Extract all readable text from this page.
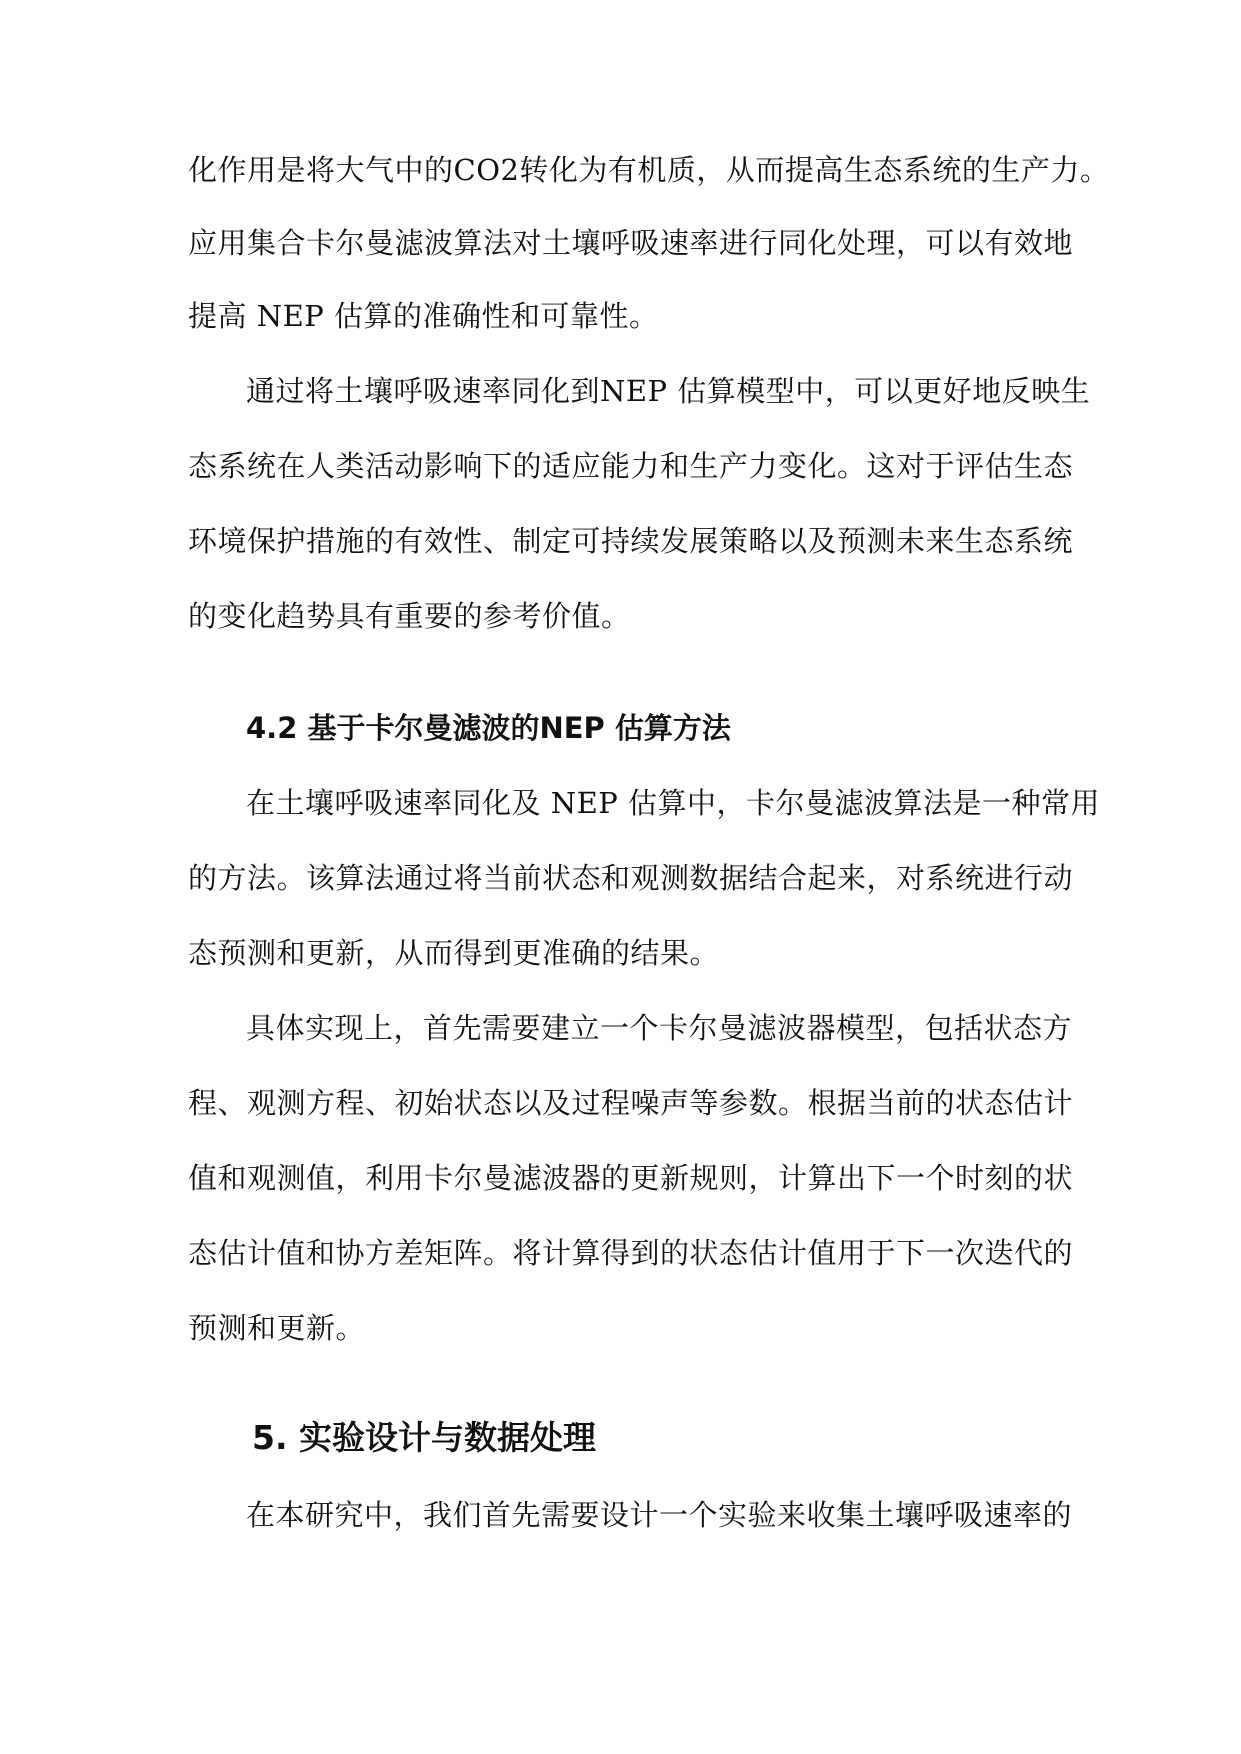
化作用是将大气中的CO2转化为有机质，从而提高生态系统的生产力。
应用集合卡尔曼滤波算法对土壤呼吸速率进行同化处理，可以有效地
提高 NEP 估算的准确性和可靠性。
通过将土壤呼吸速率同化到NEP 估算模型中，可以更好地反映生
态系统在人类活动影响下的适应能力和生产力变化。这对于评估生态
环境保护措施的有效性、制定可持续发展策略以及预测未来生态系统
的变化趋势具有重要的参考价值。
4.2 基于卡尔曼滤波的NEP 估算方法
在土壤呼吸速率同化及 NEP 估算中，卡尔曼滤波算法是一种常用
的方法。该算法通过将当前状态和观测数据结合起来，对系统进行动
态预测和更新，从而得到更准确的结果。
具体实现上，首先需要建立一个卡尔曼滤波器模型，包括状态方
程、观测方程、初始状态以及过程噪声等参数。根据当前的状态估计
值和观测值，利用卡尔曼滤波器的更新规则，计算出下一个时刻的状
态估计值和协方差矩阵。将计算得到的状态估计值用于下一次迭代的
预测和更新。
5. 实验设计与数据处理
在本研究中，我们首先需要设计一个实验来收集土壤呼吸速率的
